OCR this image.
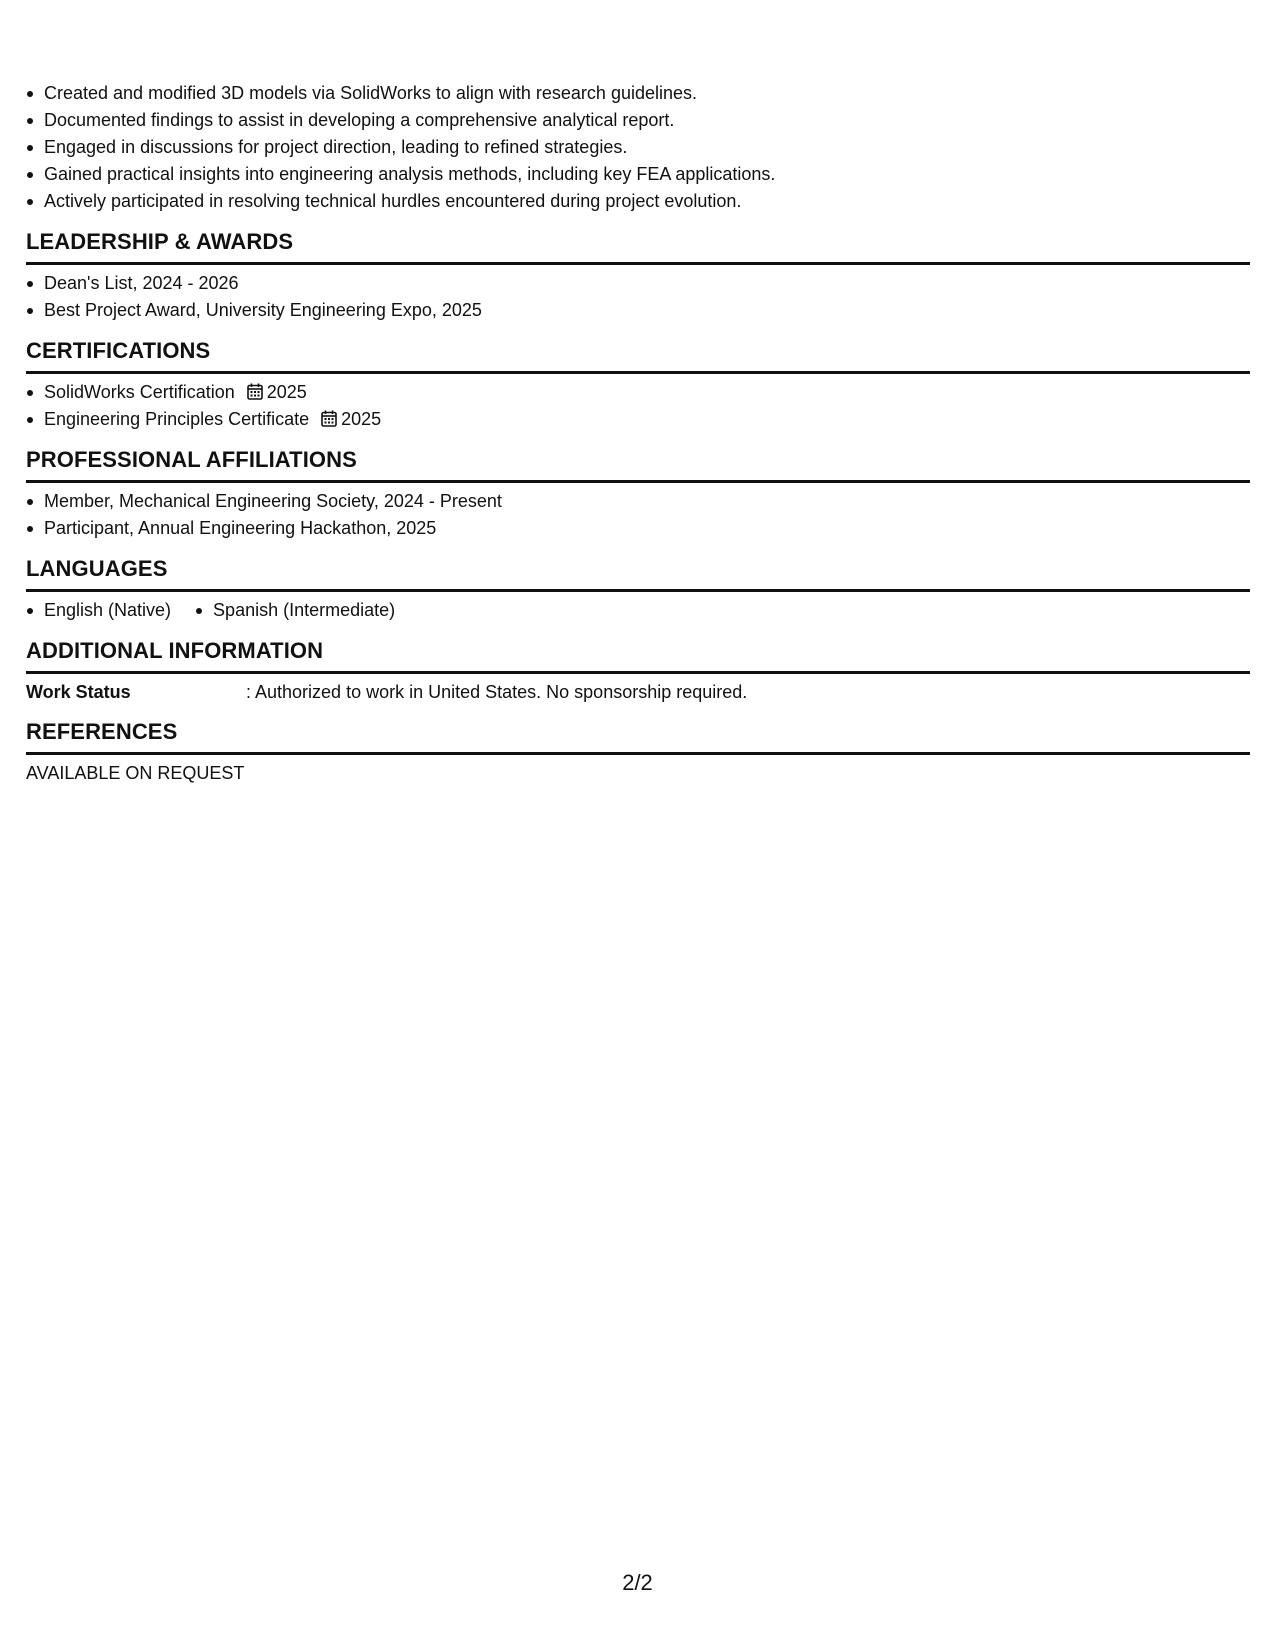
Created and modified 3D models via SolidWorks to align with research guidelines.
Documented findings to assist in developing a comprehensive analytical report.
Engaged in discussions for project direction, leading to refined strategies.
Gained practical insights into engineering analysis methods, including key FEA applications.
Actively participated in resolving technical hurdles encountered during project evolution.
LEADERSHIP & AWARDS
Dean's List, 2024 - 2026
Best Project Award, University Engineering Expo, 2025
CERTIFICATIONS
SolidWorks Certification 2025
Engineering Principles Certificate 2025
PROFESSIONAL AFFILIATIONS
Member, Mechanical Engineering Society, 2024 - Present
Participant, Annual Engineering Hackathon, 2025
LANGUAGES
English (Native)	Spanish (Intermediate)
ADDITIONAL INFORMATION
Work Status	: Authorized to work in United States. No sponsorship required.
REFERENCES
AVAILABLE ON REQUEST
2/2
